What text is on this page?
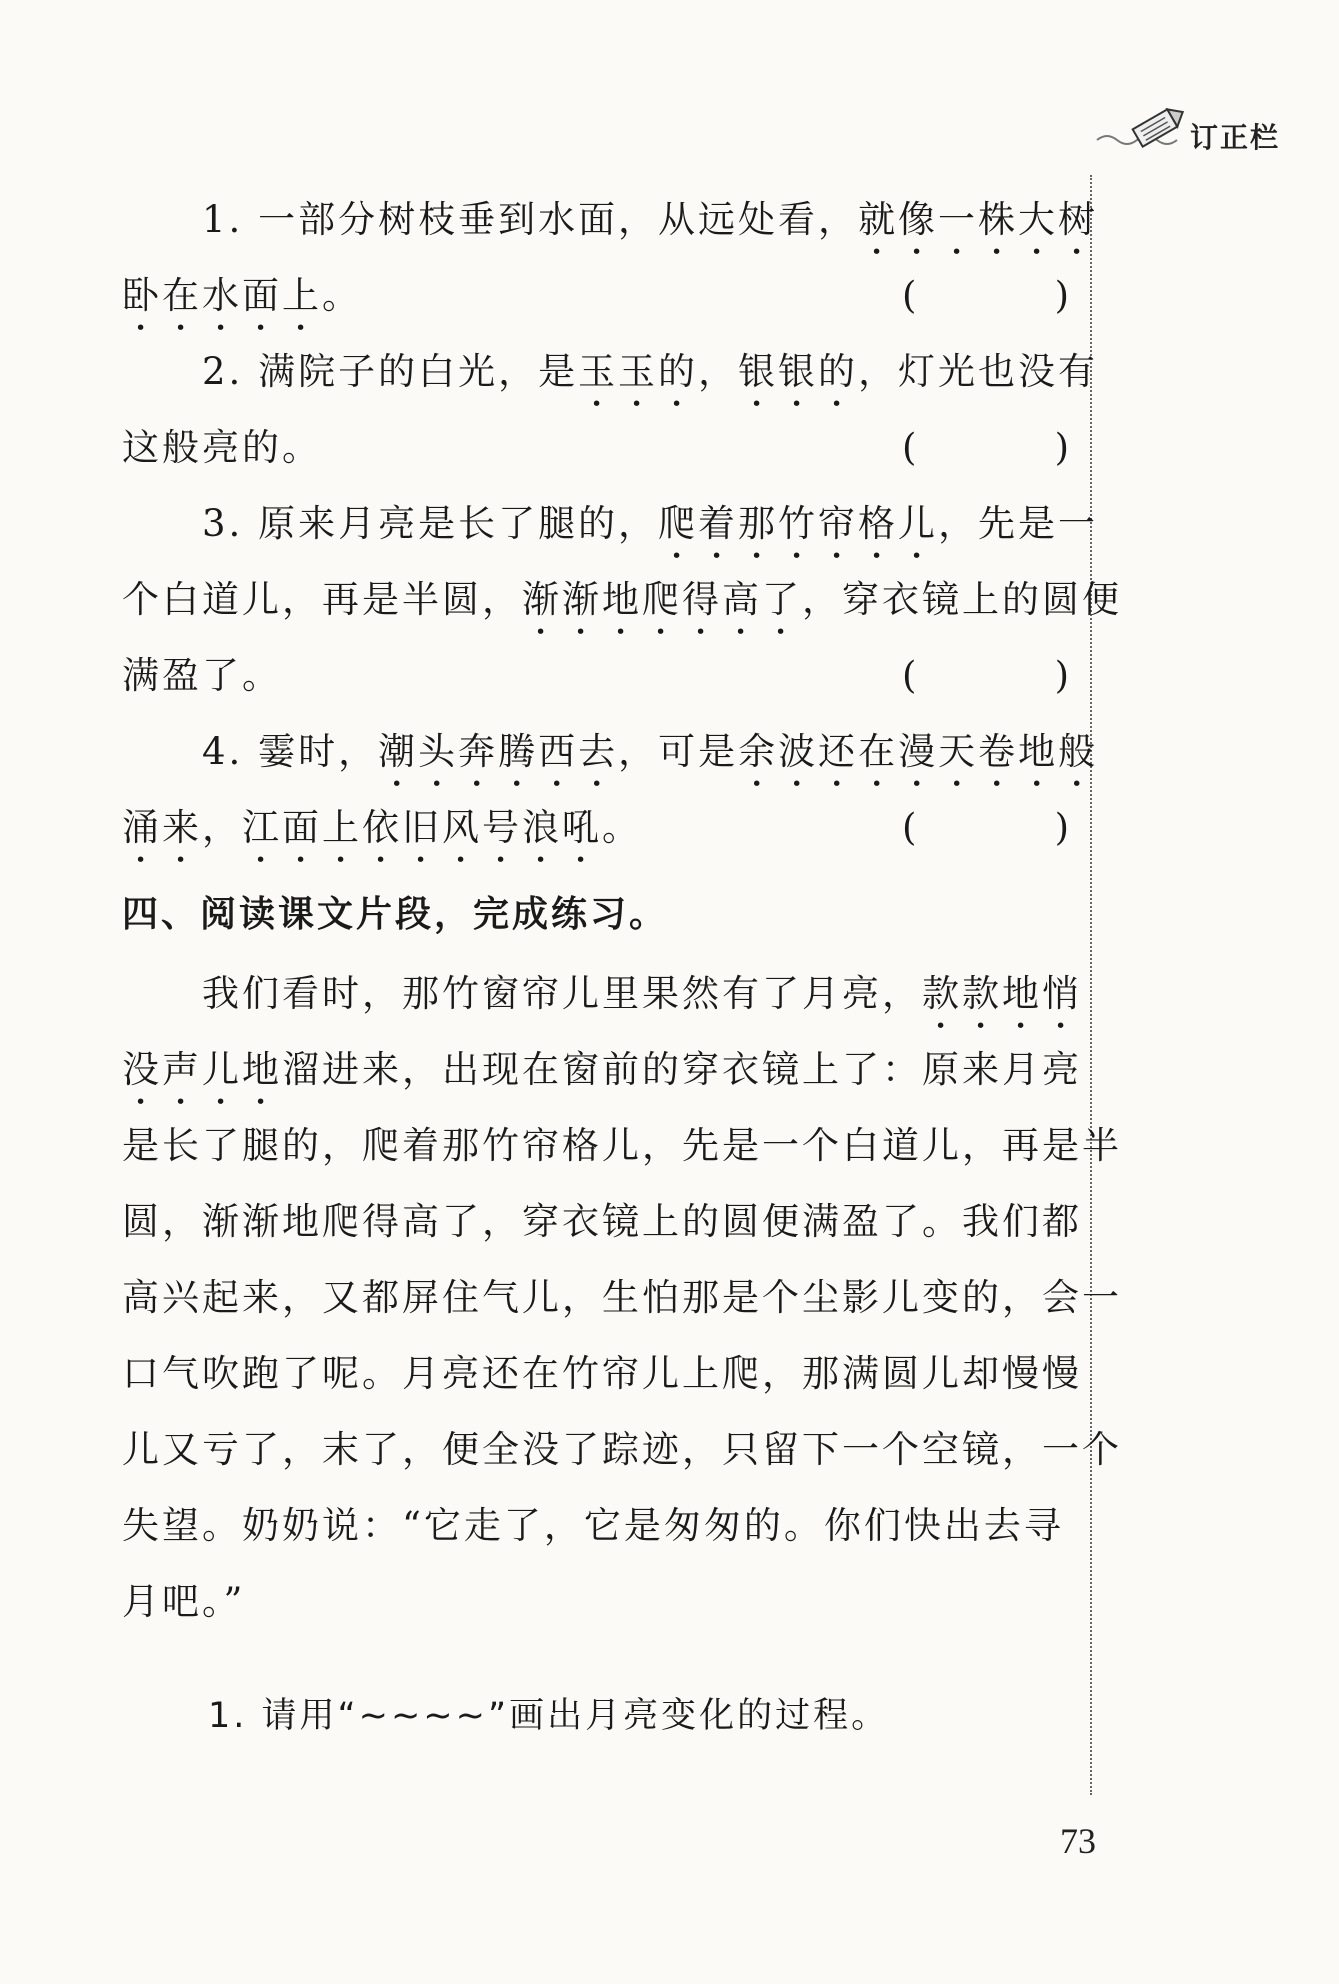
订正栏
1. 一部分树枝垂到水面，从远处看，就像一株大树
卧在水面上。	(	)
2. 满院子的白光，是玉玉的，银银的，灯光也没有
这般亮的。	(	)
3. 原来月亮是长了腿的，爬着那竹帘格儿，先是一
个白道儿，再是半圆，渐渐地爬得高了，穿衣镜上的圆便
满盈了。	(	)
4. 霎时，潮头奔腾西去，可是余波还在漫天卷地般
涌来，江面上依旧风号浪吼。	(	)
四、阅读课文片段，完成练习。
我们看时，那竹窗帘儿里果然有了月亮，款款地悄
没声儿地溜进来，出现在窗前的穿衣镜上了：原来月亮
是长了腿的，爬着那竹帘格儿，先是一个白道儿，再是半
圆，渐渐地爬得高了，穿衣镜上的圆便满盈了。我们都
高兴起来，又都屏住气儿，生怕那是个尘影儿变的，会一
口气吹跑了呢。月亮还在竹帘儿上爬，那满圆儿却慢慢
儿又亏了，末了，便全没了踪迹，只留下一个空镜，一个
失望。奶奶说：“它走了，它是匆匆的。你们快出去寻
月吧。”
1. 请用“~~~~”画出月亮变化的过程。
73
